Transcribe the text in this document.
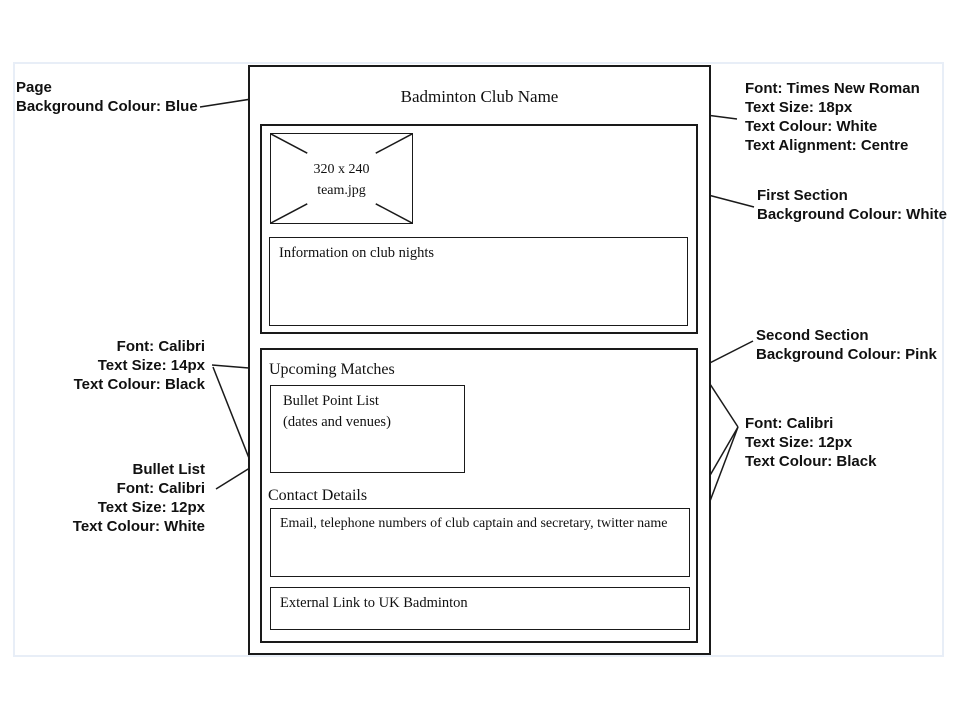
Badminton Club Name
320 x 240
team.jpg
Information on club nights
Upcoming Matches
Bullet Point List
(dates and venues)
Contact Details
Email, telephone numbers of club captain and secretary, twitter name
External Link to UK Badminton
Page
Background Colour: Blue
Font: Calibri
Text Size: 14px
Text Colour: Black
Bullet List
Font: Calibri
Text Size: 12px
Text Colour: White
Font: Times New Roman
Text Size: 18px
Text Colour: White
Text Alignment: Centre
First Section
Background Colour: White
Second Section
Background Colour: Pink
Font: Calibri
Text Size: 12px
Text Colour: Black
